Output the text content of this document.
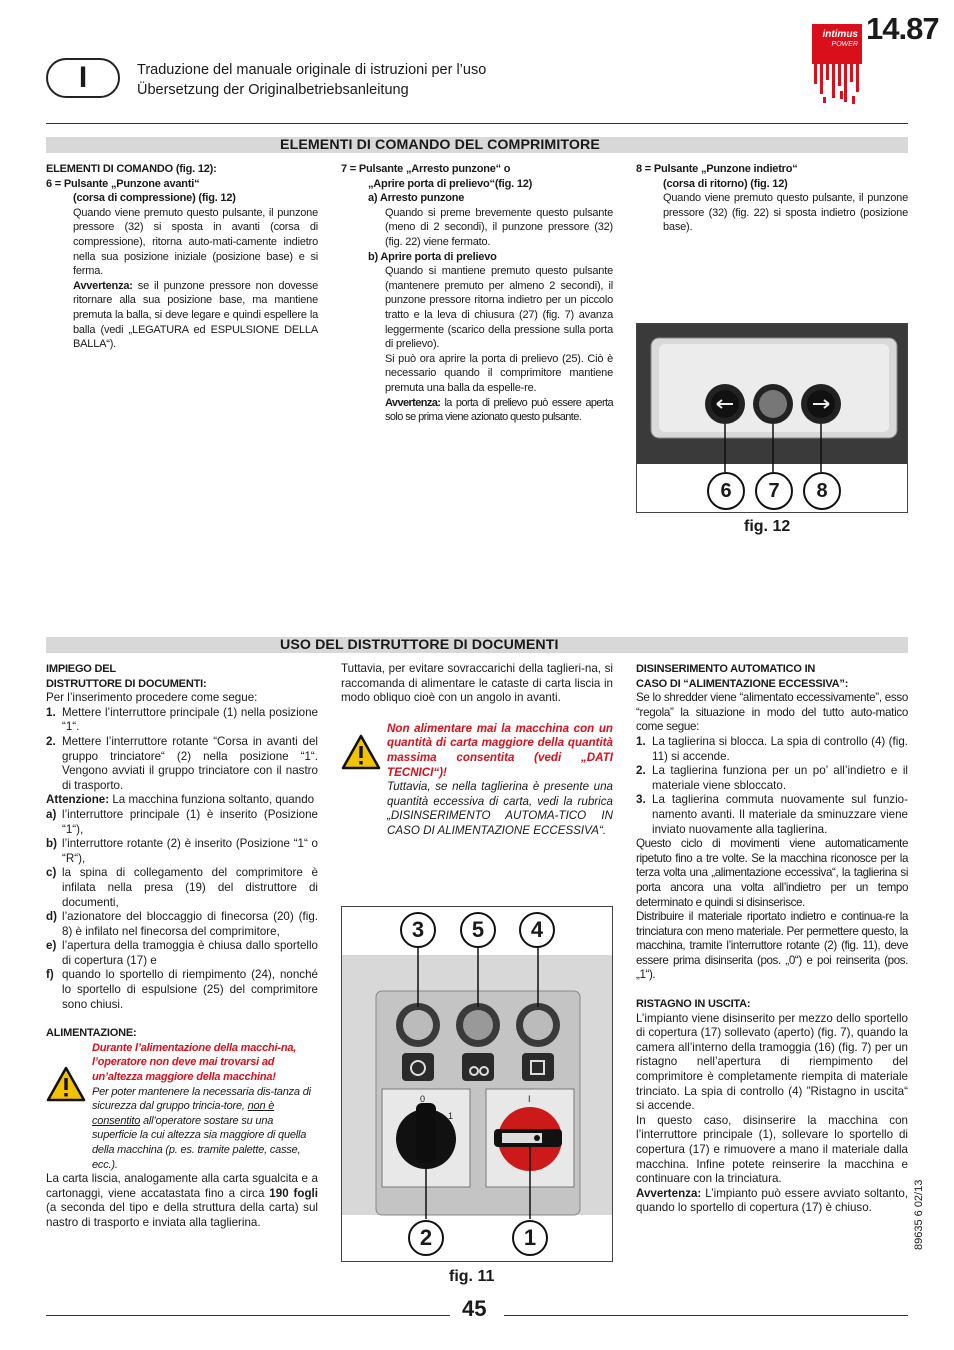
I	Traduzione del manuale originale di istruzioni per l’uso
Übersetzung der Originalbetriebsanleitung
intimus
POWER 14.87
ELEMENTI DI COMANDO DEL COMPRIMITORE

ELEMENTI DI COMANDO (fig. 12):

6 = Pulsante „Punzone avanti“

(corsa di compressione) (fig. 12)

Quando viene premuto questo pulsante, il punzone pressore (32) si sposta in avanti (corsa di compressione), ritorna auto-mati-camente indietro nella sua posizione iniziale (posizione base) e si ferma.

Avvertenza: se il punzone pressore non dovesse ritornare alla sua posizione base, ma mantiene premuta la balla, si deve legare e quindi espellere la balla (vedi „LEGATURA ed ESPULSIONE DELLA BALLA“).

7 = Pulsante „Arresto punzone“ o

„Aprire porta di prelievo“(fig. 12)

a) Arresto punzone

Quando si preme brevemente questo pulsante (meno di 2 secondi), il punzone pressore (32) (fig. 22) viene fermato.

b) Aprire porta di prelievo

Quando si mantiene premuto questo pulsante (mantenere premuto per almeno 2 secondi), il punzone pressore ritorna indietro per un piccolo tratto e la leva di chiusura (27) (fig. 7) avanza leggermente (scarico della pressione sulla porta di prelievo).

Si può ora aprire la porta di prelievo (25). Ciò è necessario quando il comprimitore mantiene premuta una balla da espelle-re.

Avvertenza: la porta di prelievo può essere aperta solo se prima viene azionato questo pulsante.

8 = Pulsante „Punzone indietro“

(corsa di ritorno) (fig. 12)

Quando viene premuto questo pulsante, il punzone pressore (32) (fig. 22) si sposta indietro (posizione base).

6	7	8
fig. 12
USO DEL DISTRUTTORE DI DOCUMENTI

IMPIEGO DEL

DISTRUTTORE DI DOCUMENTI:

Per l’inserimento procedere come segue:

1. Mettere l’interruttore principale (1) nella posizione “1“.
2. Mettere l’interruttore rotante “Corsa in avanti del gruppo trinciatore“ (2) nella posizione “1“. Vengono avviati il gruppo trinciatore con il nastro di trasporto.

Attenzione: La macchina funziona soltanto, quando

a) l’interruttore principale (1) è inserito (Posizione “1“),
b) l’interruttore rotante (2) è inserito (Posizione “1“ o “R“),
c) la spina di collegamento del comprimitore è infilata nella presa (19) del distruttore di documenti,
d) l’azionatore del bloccaggio di finecorsa (20) (fig. 8) è infilato nel finecorsa del comprimitore,
e) l’apertura della tramoggia è chiusa dallo sportello di copertura (17) e
f) quando lo sportello di riempimento (24), nonché lo sportello di espulsione (25) del comprimitore sono chiusi.

ALIMENTAZIONE:

Durante l’alimentazione della macchi-na, l’operatore non deve mai trovarsi ad un’altezza maggiore della macchina!

Per poter mantenere la necessaria dis-tanza di sicurezza dal gruppo trincia-tore, non è consentito all’operatore sostare su una superficie la cui altezza sia maggiore di quella della macchina (p. es. tramite palette, casse, ecc.).

La carta liscia, analogamente alla carta sgualcita e a cartonaggi, viene accatastata fino a circa 190 fogli (a seconda del tipo e della struttura della carta) sul nastro di trasporto e inviata alla taglierina.

Tuttavia, per evitare sovraccarichi della taglieri-na, si raccomanda di alimentare le cataste di carta liscia in modo obliquo cioè con un angolo in avanti.

Non alimentare mai la macchina con un quantità di carta maggiore della quantità massima consentita (vedi „DATI TECNICI“)!

Tuttavia, se nella taglierina è presente una quantità eccessiva di carta, vedi la rubrica „DISINSERIMENTO AUTOMA-TICO IN CASO DI ALIMENTAZIONE ECCESSIVA“.

3	5	4
2	1
0
1
I
fig. 11

DISINSERIMENTO AUTOMATICO IN

CASO DI “ALIMENTAZIONE ECCESSIVA”:

Se lo shredder viene “alimentato eccessivamente”, esso “regola” la situazione in modo del tutto auto-matico come segue:

1. La taglierina si blocca. La spia di controllo (4) (fig. 11) si accende.
2. La taglierina funziona per un po’ all’indietro e il materiale viene sbloccato.
3. La taglierina commuta nuovamente sul funzio-namento avanti. Il materiale da sminuzzare viene inviato nuovamente alla taglierina.

Questo ciclo di movimenti viene automaticamente ripetuto fino a tre volte. Se la macchina riconosce per la terza volta una „alimentazione eccessiva“, la taglierina si porta ancora una volta all’indietro per un tempo determinato e quindi si disinserisce.

Distribuire il materiale riportato indietro e continua-re la trinciatura con meno materiale. Per permettere questo, la macchina, tramite l’interruttore rotante (2) (fig. 11), deve essere prima disinserita (pos. „0“) e poi reinserita (pos. „1“).

RISTAGNO IN USCITA:

L’impianto viene disinserito per mezzo dello sportello di copertura (17) sollevato (aperto) (fig. 7), quando la camera all’interno della tramoggia (16) (fig. 7) per un ristagno nell’apertura di riempimento del comprimitore è completamente riempita di materiale trinciato. La spia di controllo (4) ”Ristagno in uscita“ si accende.

In questo caso, disinserire la macchina con l’interruttore principale (1), sollevare lo sportello di copertura (17) e rimuovere a mano il materiale dalla macchina. Infine potete reinserire la macchina e continuare con la trinciatura.

Avvertenza: L’impianto può essere avviato soltanto, quando lo sportello di copertura (17) è chiuso.

45
89635 6 02/13
